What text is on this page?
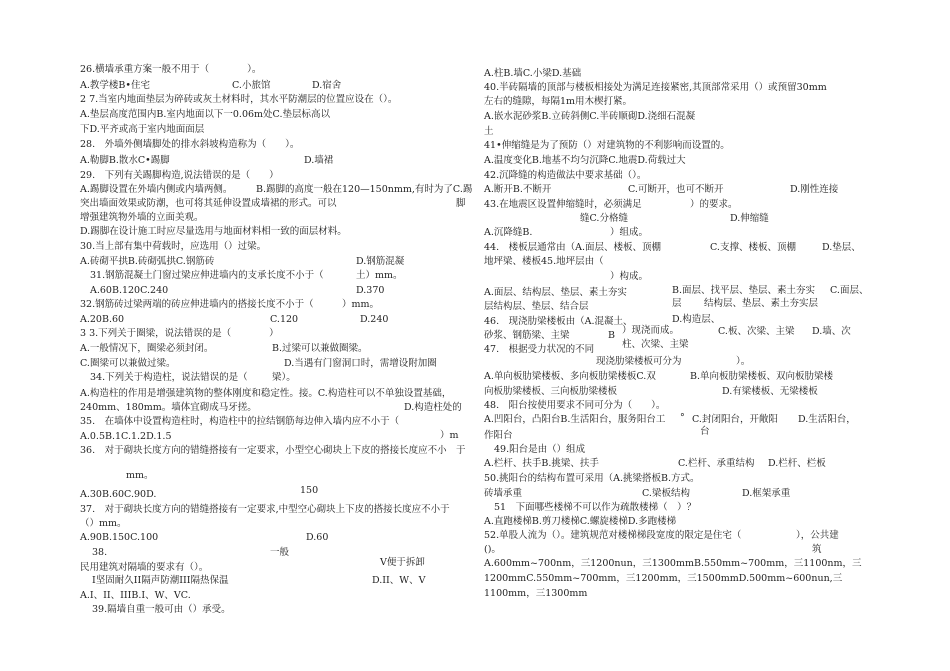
26.横墙承重方案一般不用于（　　　　）。
A.教学楼B•住宅	C.小旅馆	D.宿舍
2 7.当室内地面垫层为碎砖或灰土材料时，其水平防潮层的位置应设在（）。
A.垫层高度范围内B.室内地面以下一0.06m处C.垫层标高以
下D.平齐或高于室内地面面层
28.　外墙外侧墙脚处的排水斜坡构造称为（　　）。
A.勒脚B.散水C•踢脚	D.墙裙
29.　下列有关踢脚构造,说法错误的是（　　）
A.踢脚设置在外墙内侧或内墙两侧。 B.踢脚的高度一般在120—150nmm,有时为了C.踢
突出墙面效果或防潮，也可将其延伸设置成墙裙的形式。可以	脚
增强建筑物外墙的立面美观。
D.踢脚在设计施工时应尽量选用与地面材料相一致的面层材料。
30.当上部有集中荷载时，应选用（）过梁。
A.砖砌平拱B.砖砌弧拱C.钢筋砖	D.钢筋混凝
31.钢筋混凝土门窗过梁应伸进墙内的支承长度不小于（	土）mm。
A.60B.120C.240	D.370
32.钢筋砖过梁两端的砖应伸进墙内的搭接长度不小于（	）mm。
A.20B.60	C.120	D.240
3 3.下列关于圈梁，说法错误的是（　　　　）
A.一般情况下，圈梁必须封闭。	B.过梁可以兼做圈梁。
C.圈梁可以兼做过梁。	D.当遇有门窗洞口时，需增设附加圈
34.下列关于构造柱，说法错误的是（	梁）。
A.构造柱的作用是增强建筑物的整体刚度和稳定性。接。C.构造柱可以不单独设置基础，
240mm、180mm。墙体宜砌成马牙搓。	D.构造柱处的
35.　在墙体中设置构造柱时，构造柱中的拉结钢筋每边伸入墙内应不小于（
）m
A.0.5B.1C.1.2D.1.5
36.　对于砌块长度方向的错缝搭接有一定要求，小型空心砌块上下皮的搭接长度应不小 于
mm。
150
A.30B.60C.90D.
37.　对于砌块长度方向的错缝搭接有一定要求,中型空心砌块上下皮的搭接长度应不小于
（）mm。
A.90B.150C.100	D.60
38.	一般
V便于拆卸
民用建筑对隔墙的要求有（）。
I坚固耐久II隔声防潮III隔热保温	D.II、W、V
A.I、II、IIIB.I、W、VC.
39.隔墙自重一般可由（）承受。
A.柱B.墙C.小梁D.基础
40.半砖隔墙的顶部与楼板相接处为满足连接紧密,其顶部常采用（）或预留30mm
左右的缝隙，每隔1m用木楔打紧。
A.嵌水泥砂浆B.立砖斜侧C.半砖顺砌D.浇细石混凝
土
41•伸缩缝是为了预防（）对建筑物的不利影响而设置的。
A.温度变化B.地基不均匀沉降C.地震D.荷载过大
42.沉降缝的构造做法中要求基础（）。
A.断开B.不断开	C.可断开，也可不断开	D.刚性连接
43.在地震区设置伸缩缝时，必须满足	）的要求。
缝C.分格缝	D.伸缩缝
A.沉降缝B.	）组成。
44.　楼板层通常由（A.面层、楼板、顶棚	C.支撑、楼板、顶棚	D.垫层、
地坪梁、楼板45.地坪层由（
）构成。
A.面层、结构层、垫层、素土夯实	B.面层、找平层、垫层、素土夯实 C.面层、
层结构层、垫层、结合层	层 结构层、垫层、素土夯实层
46.　现浇肋梁楼板由（A.混凝土、	D.构造层、
砂浆、钢筋梁、主梁	B ）现浇而成。	C.板、次梁、主梁 D.墙、次
47.　根据受力状况的不同	柱、次梁、主梁
现浇肋梁楼板可分为	）。
A.单向板肋梁楼板、多向板肋梁楼板C.双	B.单向板肋梁楼板、双向板肋梁楼
向板肋梁楼板、三向板肋梁楼板	D.有梁楼板、无梁楼板
48.　阳台按使用要求不同可分为（　　）。
A.凹阳台，凸阳台B.生活阳台，服务阳台工 ° C.封闭阳台，开敞阳 D.生活阳台，
作阳台	台
49.阳台是由（）组成
A.栏杆、扶手B.挑梁、扶手	C.栏杆、承重结构 D.栏杆、栏板
50.挑阳台的结构布置可采用（A.挑梁搭板B.方式。
砖墙承重	C.梁板结构	D.框架承重
51　下面哪些楼梯不可以作为疏散楼梯（　）？
A.直跑楼梯B.剪刀楼梯C.螺旋楼梯D.多跑楼梯
52.单股人流为（）。建筑规范对楼梯梯段宽度的限定是住宅（	），公共建
()。	筑
A.600mm~700nm，三1200nun，三1300mmB.550mm~700mm，三1100nm，三
1200mmC.550mm~700mm，三1200mm，三1500mmD.500mm~600nun,三
1100mm，三1300mm
